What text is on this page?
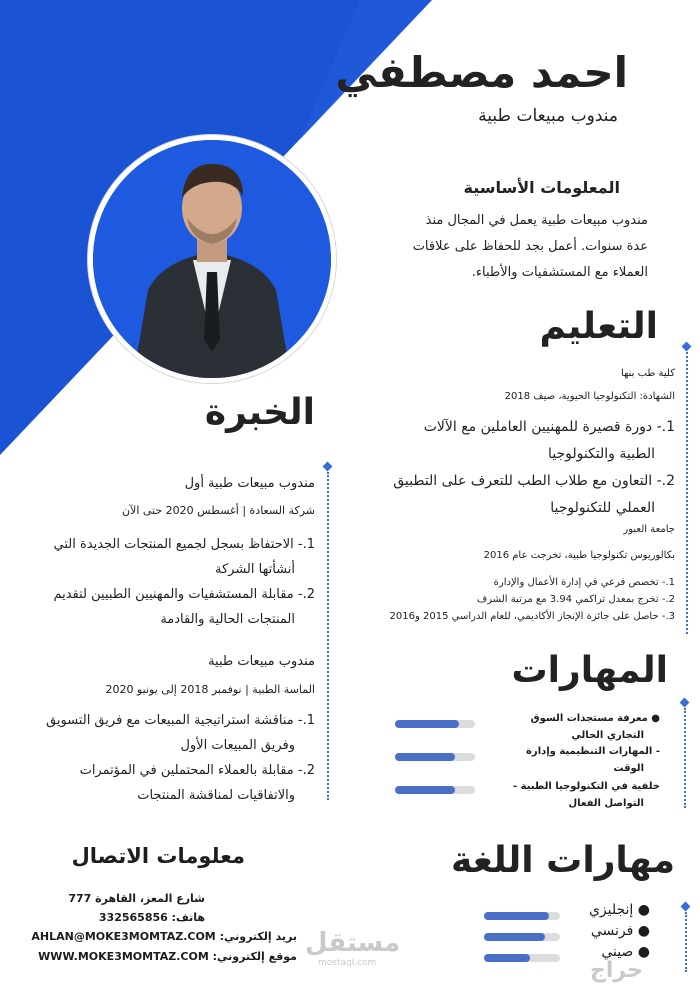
احمد مصطفي
مندوب مبيعات طبية
المعلومات الأساسية
مندوب مبيعات طبية يعمل في المجال منذ
عدة سنوات. أعمل بجد للحفاظ على علاقات
العملاء مع المستشفيات والأطباء.
التعليم
كلية طب بنها
الشهادة: التكنولوجيا الحيوية، صيف 2018
1.- دورة قصيرة للمهنيين العاملين مع الآلات
الطبية والتكنولوجيا
2.- التعاون مع طلاب الطب للتعرف على التطبيق
العملي للتكنولوجيا
جامعة العبور
بكالوريوس تكنولوجيا طبية، تخرجت عام 2016
1.- تخصص فرعي في إدارة الأعمال والإدارة
2.- تخرج بمعدل تراكمي 3.94 مع مرتبة الشرف
3.- حاصل على جائزة الإنجاز الأكاديمي، للعام الدراسي 2015 و2016
الخبرة
مندوب مبيعات طبية أول
شركة السعادة | أغسطس 2020 حتى الآن
1.- الاحتفاظ بسجل لجميع المنتجات الجديدة التي
أنشأتها الشركة
2.- مقابلة المستشفيات والمهنيين الطبيين لتقديم
المنتجات الحالية والقادمة
مندوب مبيعات طبية
الماسة الطبية | نوفمبر 2018 إلى يونيو 2020
1.- مناقشة استراتيجية المبيعات مع فريق التسويق
وفريق المبيعات الأول
2.- مقابلة بالعملاء المحتملين في المؤتمرات
والاتفاقيات لمناقشة المنتجات
المهارات
● معرفة مستجدات السوق
التجاري الحالي
- المهارات التنظيمية وإدارة
الوقت
خلفية في التكنولوجيا الطبية -
التواصل الفعال
معلومات الاتصال
شارع المعز، القاهرة 777
هاتف: 332565856
بريد إلكتروني: AHLAN@MOKE3MOMTAZ.COM
موقع إلكتروني: WWW.MOKE3MOMTAZ.COM
مهارات اللغة
● إنجليزي
● فرنسي
● صيني
مستقل
mostaql.com	حراج
